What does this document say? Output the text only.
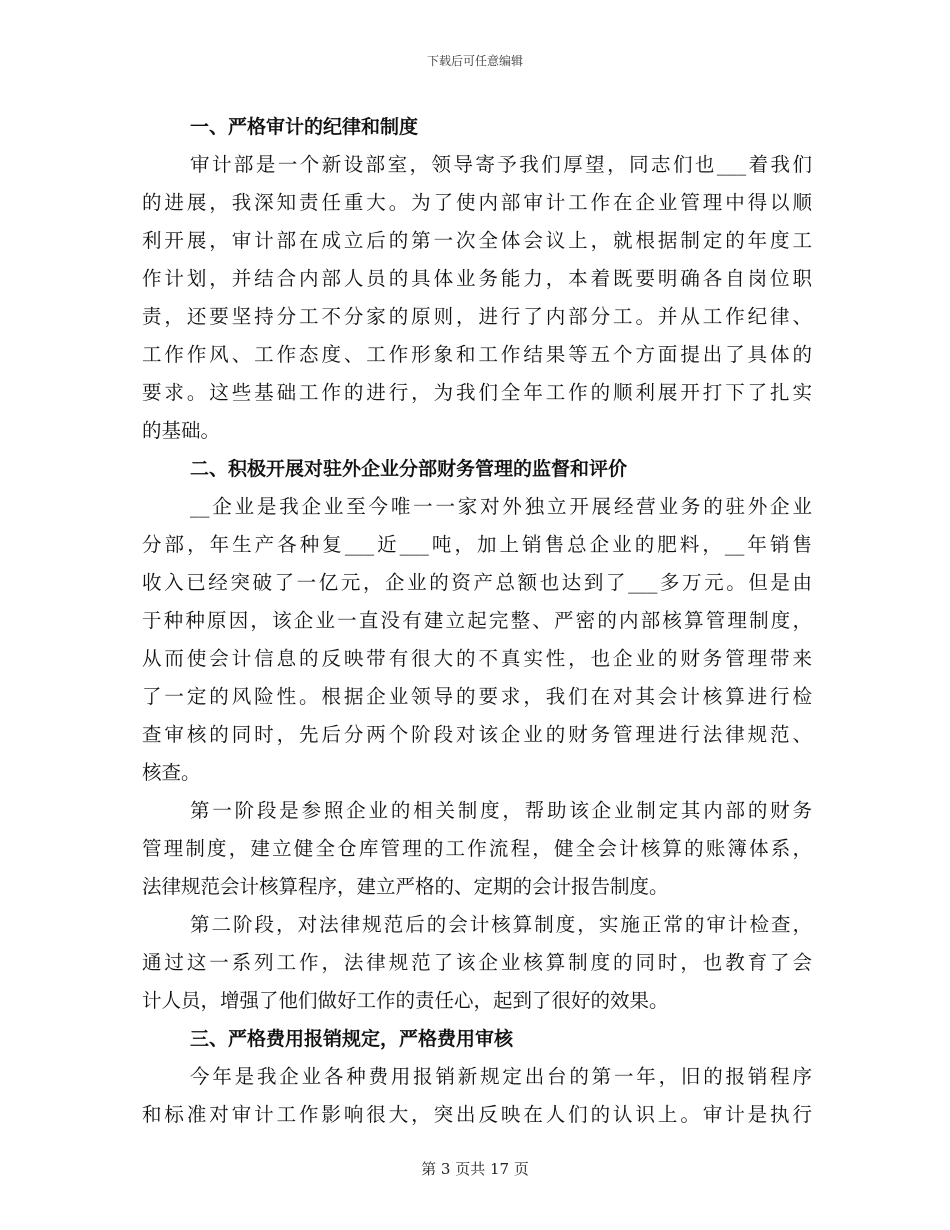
下载后可任意编辑
一、严格审计的纪律和制度
审计部是一个新设部室，领导寄予我们厚望，同志们也___着我们
的进展，我深知责任重大。为了使内部审计工作在企业管理中得以顺
利开展，审计部在成立后的第一次全体会议上，就根据制定的年度工
作计划，并结合内部人员的具体业务能力，本着既要明确各自岗位职
责，还要坚持分工不分家的原则，进行了内部分工。并从工作纪律、
工作作风、工作态度、工作形象和工作结果等五个方面提出了具体的
要求。这些基础工作的进行，为我们全年工作的顺利展开打下了扎实
的基础。
二、积极开展对驻外企业分部财务管理的监督和评价
__企业是我企业至今唯一一家对外独立开展经营业务的驻外企业
分部，年生产各种复___近___吨，加上销售总企业的肥料，__年销售
收入已经突破了一亿元，企业的资产总额也达到了___多万元。但是由
于种种原因，该企业一直没有建立起完整、严密的内部核算管理制度，
从而使会计信息的反映带有很大的不真实性，也企业的财务管理带来
了一定的风险性。根据企业领导的要求，我们在对其会计核算进行检
查审核的同时，先后分两个阶段对该企业的财务管理进行法律规范、
核查。
第一阶段是参照企业的相关制度，帮助该企业制定其内部的财务
管理制度，建立健全仓库管理的工作流程，健全会计核算的账簿体系，
法律规范会计核算程序，建立严格的、定期的会计报告制度。
第二阶段，对法律规范后的会计核算制度，实施正常的审计检查，
通过这一系列工作，法律规范了该企业核算制度的同时，也教育了会
计人员，增强了他们做好工作的责任心，起到了很好的效果。
三、严格费用报销规定，严格费用审核
今年是我企业各种费用报销新规定出台的第一年，旧的报销程序
和标准对审计工作影响很大，突出反映在人们的认识上。审计是执行
第 3 页共 17 页
